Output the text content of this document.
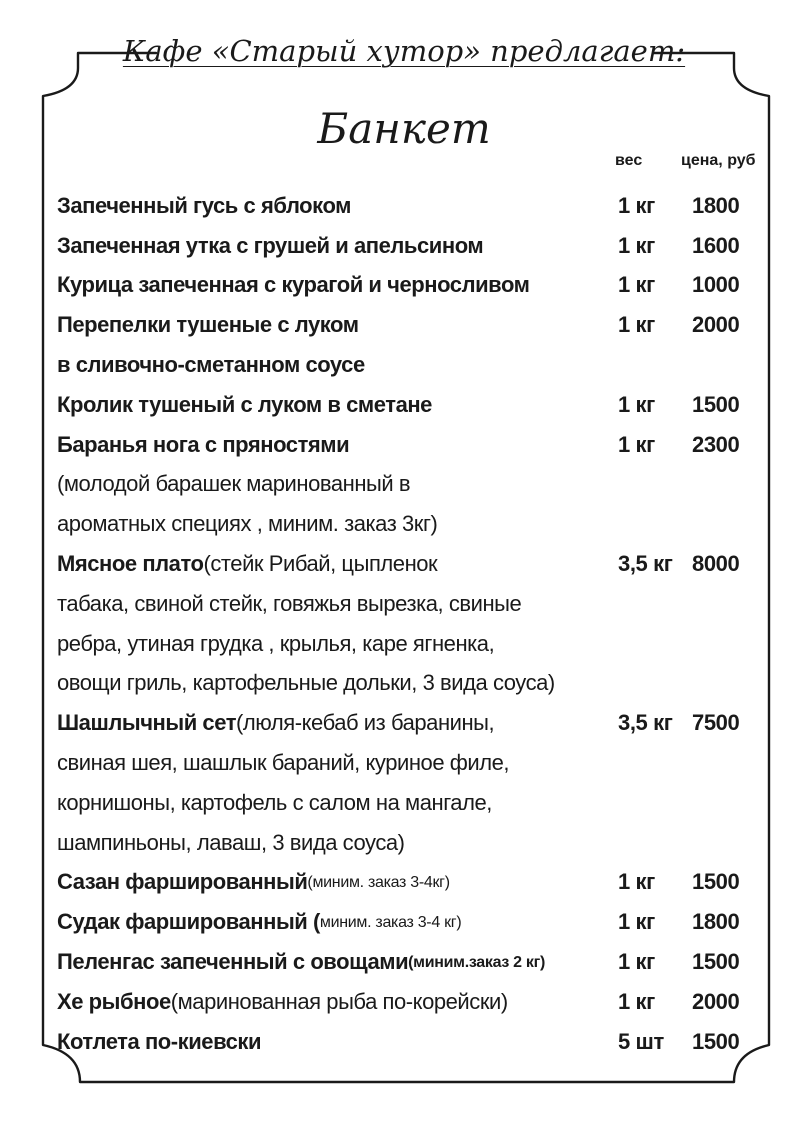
Кафе «Старый хутор» предлагает:
Банкет
вес цена, руб
Запеченный гусь с яблоком	1 кг 1800
Запеченная утка с грушей и апельсином	1 кг 1600
Курица запеченная с курагой и черносливом	1 кг 1000
Перепелки тушеные с луком	1 кг 2000
в сливочно-сметанном соусе
Кролик тушеный с луком в сметане	1 кг 1500
Баранья нога с пряностями	1 кг 2300
(молодой барашек маринованный в
ароматных специях , миним. заказ 3кг)
Мясное плато (стейк Рибай, цыпленок	3,5 кг 8000
табака, свиной стейк, говяжья вырезка, свиные
ребра, утиная грудка , крылья, каре ягненка,
овощи гриль, картофельные дольки, 3 вида соуса)
Шашлычный сет (люля-кебаб из баранины,	3,5 кг 7500
свиная шея, шашлык бараний, куриное филе,
корнишоны, картофель с салом на мангале,
шампиньоны, лаваш, 3 вида соуса)
Сазан фаршированный (миним. заказ 3-4кг)	1 кг 1500
Судак фаршированный ( миним. заказ 3-4 кг)	1 кг 1800
Пеленгас запеченный с овощами (миним.заказ 2 кг)	1 кг 1500
Хе рыбное (маринованная рыба по-корейски)	1 кг 2000
Котлета по-киевски	5 шт 1500
